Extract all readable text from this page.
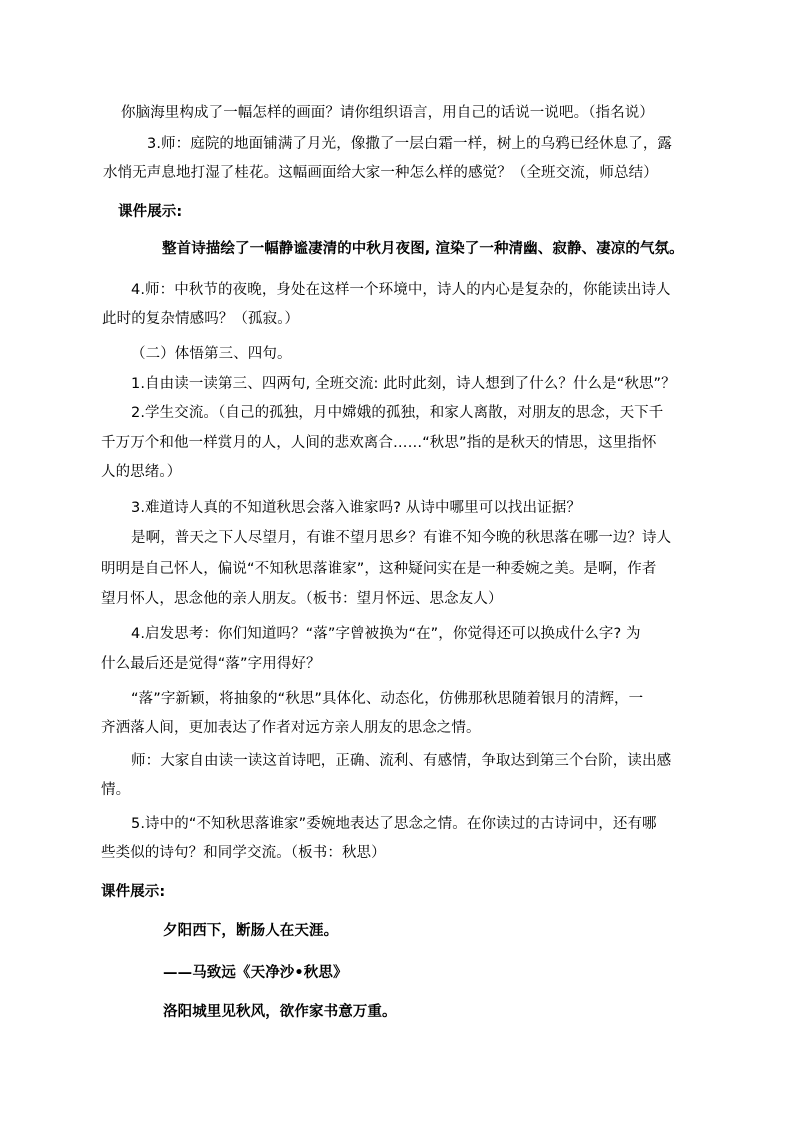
你脑海里构成了一幅怎样的画面？请你组织语言，用自己的话说一说吧。（指名说）
3.师：庭院的地面铺满了月光，像撒了一层白霜一样，树上的乌鸦已经休息了，露
水悄无声息地打湿了桂花。这幅画面给大家一种怎么样的感觉？（全班交流，师总结）
课件展示:
整首诗描绘了一幅静谧凄清的中秋月夜图, 渲染了一种清幽、寂静、凄凉的气氛。
4.师：中秋节的夜晚，身处在这样一个环境中，诗人的内心是复杂的，你能读出诗人
此时的复杂情感吗？（孤寂。）
（二）体悟第三、四句。
1.自由读一读第三、四两句, 全班交流: 此时此刻，诗人想到了什么？什么是“秋思”？
2.学生交流。（自己的孤独，月中嫦娥的孤独，和家人离散，对朋友的思念，天下千
千万万个和他一样赏月的人，人间的悲欢离合……“秋思”指的是秋天的情思，这里指怀
人的思绪。）
3.难道诗人真的不知道秋思会落入谁家吗? 从诗中哪里可以找出证据？
是啊，普天之下人尽望月，有谁不望月思乡？有谁不知今晚的秋思落在哪一边？诗人
明明是自己怀人，偏说“不知秋思落谁家”，这种疑问实在是一种委婉之美。是啊，作者
望月怀人，思念他的亲人朋友。（板书：望月怀远、思念友人）
4.启发思考：你们知道吗？“落”字曾被换为“在”，你觉得还可以换成什么字? 为
什么最后还是觉得“落”字用得好？
“落”字新颖，将抽象的“秋思”具体化、动态化，仿佛那秋思随着银月的清辉，一
齐洒落人间，更加表达了作者对远方亲人朋友的思念之情。
师：大家自由读一读这首诗吧，正确、流利、有感情，争取达到第三个台阶，读出感
情。
5.诗中的“不知秋思落谁家”委婉地表达了思念之情。在你读过的古诗词中，还有哪
些类似的诗句？和同学交流。（板书：秋思）
课件展示:
夕阳西下，断肠人在天涯。
——马致远《天净沙•秋思》
洛阳城里见秋风，欲作家书意万重。
